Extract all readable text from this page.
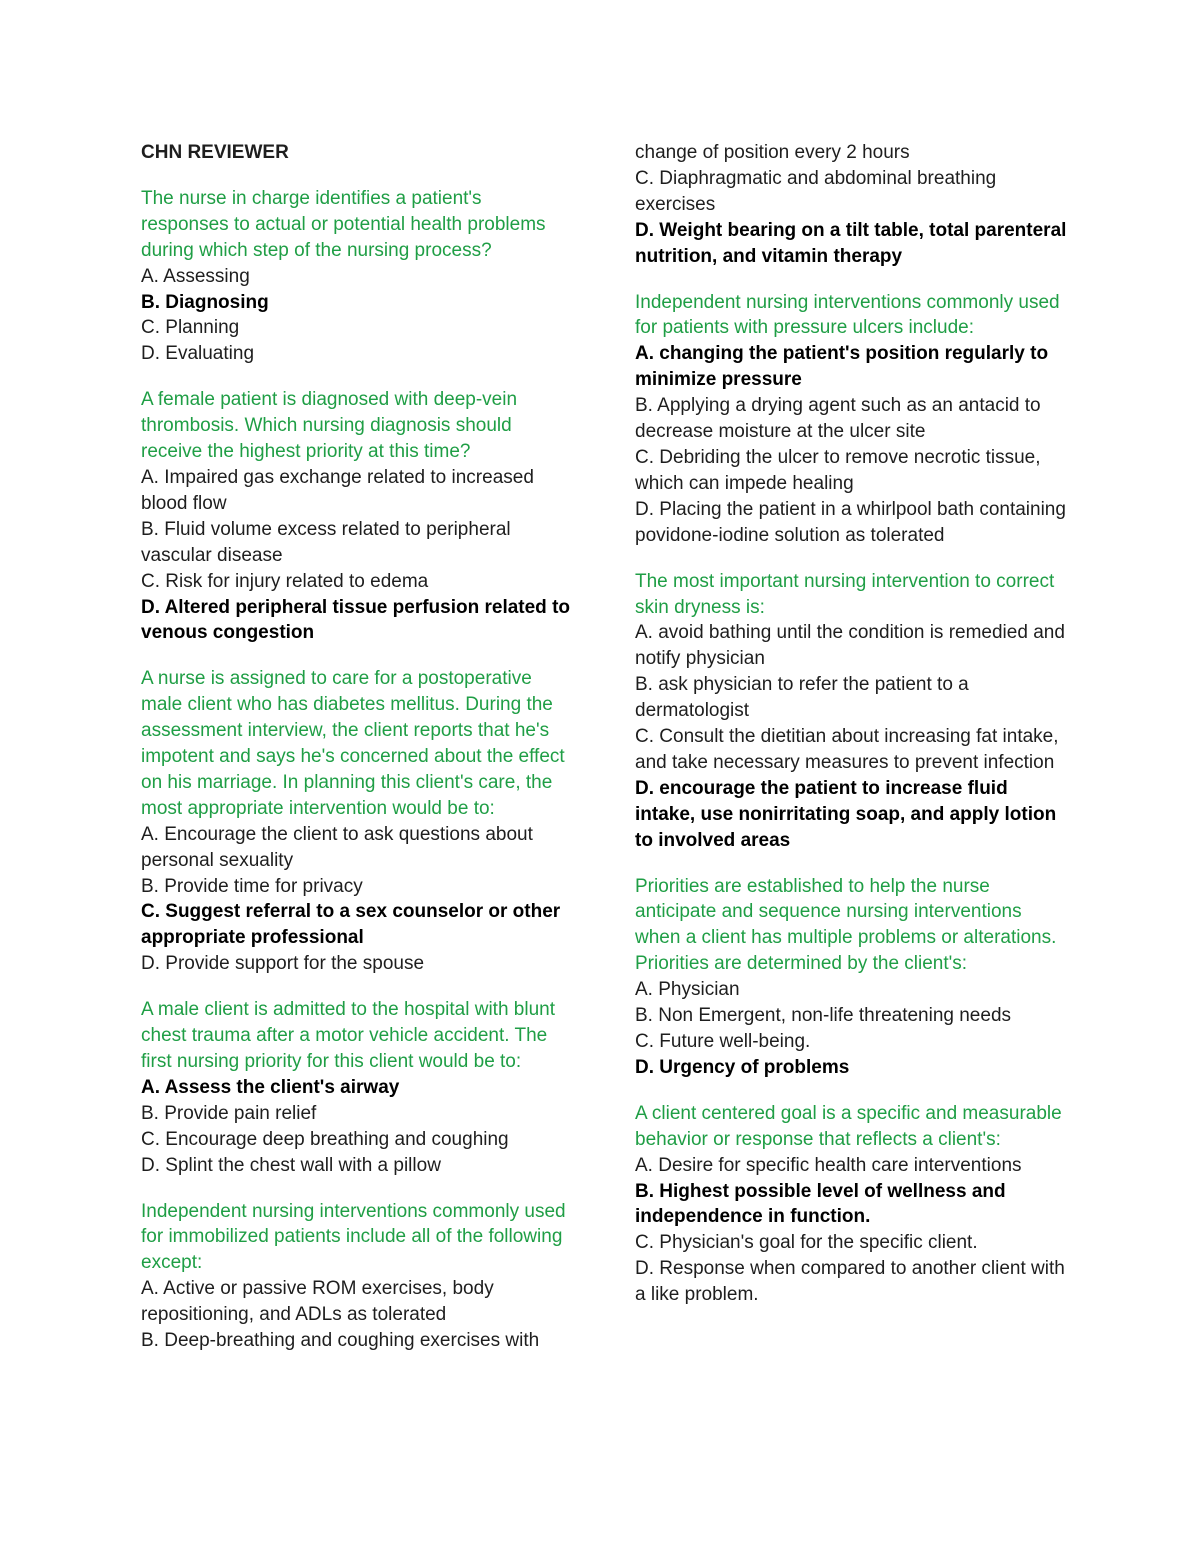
CHN REVIEWER
The nurse in charge identifies a patient's responses to actual or potential health problems during which step of the nursing process?
A. Assessing
B. Diagnosing
C. Planning
D. Evaluating
A female patient is diagnosed with deep-vein thrombosis. Which nursing diagnosis should receive the highest priority at this time?
A. Impaired gas exchange related to increased blood flow
B. Fluid volume excess related to peripheral vascular disease
C. Risk for injury related to edema
D. Altered peripheral tissue perfusion related to venous congestion
A nurse is assigned to care for a postoperative male client who has diabetes mellitus. During the assessment interview, the client reports that he's impotent and says he's concerned about the effect on his marriage. In planning this client's care, the most appropriate intervention would be to:
A. Encourage the client to ask questions about personal sexuality
B. Provide time for privacy
C. Suggest referral to a sex counselor or other appropriate professional
D. Provide support for the spouse
A male client is admitted to the hospital with blunt chest trauma after a motor vehicle accident. The first nursing priority for this client would be to:
A. Assess the client's airway
B. Provide pain relief
C. Encourage deep breathing and coughing
D. Splint the chest wall with a pillow
Independent nursing interventions commonly used for immobilized patients include all of the following except:
A. Active or passive ROM exercises, body repositioning, and ADLs as tolerated
B. Deep-breathing and coughing exercises with
change of position every 2 hours
C. Diaphragmatic and abdominal breathing exercises
D. Weight bearing on a tilt table, total parenteral nutrition, and vitamin therapy
Independent nursing interventions commonly used for patients with pressure ulcers include:
A. changing the patient's position regularly to minimize pressure
B. Applying a drying agent such as an antacid to decrease moisture at the ulcer site
C. Debriding the ulcer to remove necrotic tissue, which can impede healing
D. Placing the patient in a whirlpool bath containing povidone-iodine solution as tolerated
The most important nursing intervention to correct skin dryness is:
A. avoid bathing until the condition is remedied and notify physician
B. ask physician to refer the patient to a dermatologist
C. Consult the dietitian about increasing fat intake, and take necessary measures to prevent infection
D. encourage the patient to increase fluid intake, use nonirritating soap, and apply lotion to involved areas
Priorities are established to help the nurse anticipate and sequence nursing interventions when a client has multiple problems or alterations. Priorities are determined by the client's:
A. Physician
B. Non Emergent, non-life threatening needs
C. Future well-being.
D. Urgency of problems
A client centered goal is a specific and measurable behavior or response that reflects a client's:
A. Desire for specific health care interventions
B. Highest possible level of wellness and independence in function.
C. Physician's goal for the specific client.
D. Response when compared to another client with a like problem.
